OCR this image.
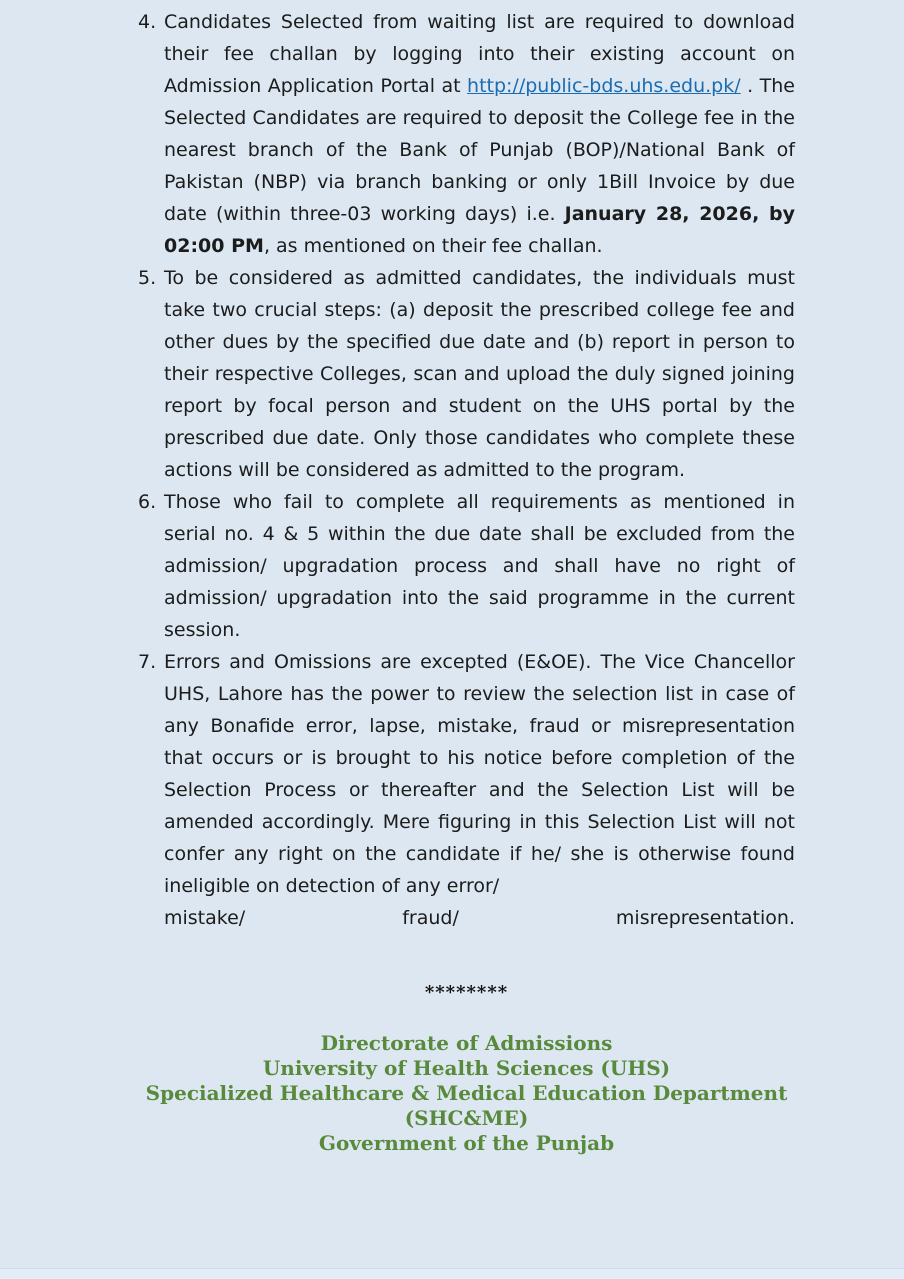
4. Candidates Selected from waiting list are required to download their fee challan by logging into their existing account on Admission Application Portal at http://public-bds.uhs.edu.pk/ . The Selected Candidates are required to deposit the College fee in the nearest branch of the Bank of Punjab (BOP)/National Bank of Pakistan (NBP) via branch banking or only 1Bill Invoice by due date (within three-03 working days) i.e. January 28, 2026, by 02:00 PM, as mentioned on their fee challan.
5. To be considered as admitted candidates, the individuals must take two crucial steps: (a) deposit the prescribed college fee and other dues by the specified due date and (b) report in person to their respective Colleges, scan and upload the duly signed joining report by focal person and student on the UHS portal by the prescribed due date. Only those candidates who complete these actions will be considered as admitted to the program.
6. Those who fail to complete all requirements as mentioned in serial no. 4 & 5 within the due date shall be excluded from the admission/ upgradation process and shall have no right of admission/ upgradation into the said programme in the current session.
7. Errors and Omissions are excepted (E&OE). The Vice Chancellor UHS, Lahore has the power to review the selection list in case of any Bonafide error, lapse, mistake, fraud or misrepresentation that occurs or is brought to his notice before completion of the Selection Process or thereafter and the Selection List will be amended accordingly. Mere figuring in this Selection List will not confer any right on the candidate if he/ she is otherwise found ineligible on detection of any error/
mistake/	fraud/	misrepresentation.
********
Directorate of Admissions
University of Health Sciences (UHS)
Specialized Healthcare & Medical Education Department
(SHC&ME)
Government of the Punjab
